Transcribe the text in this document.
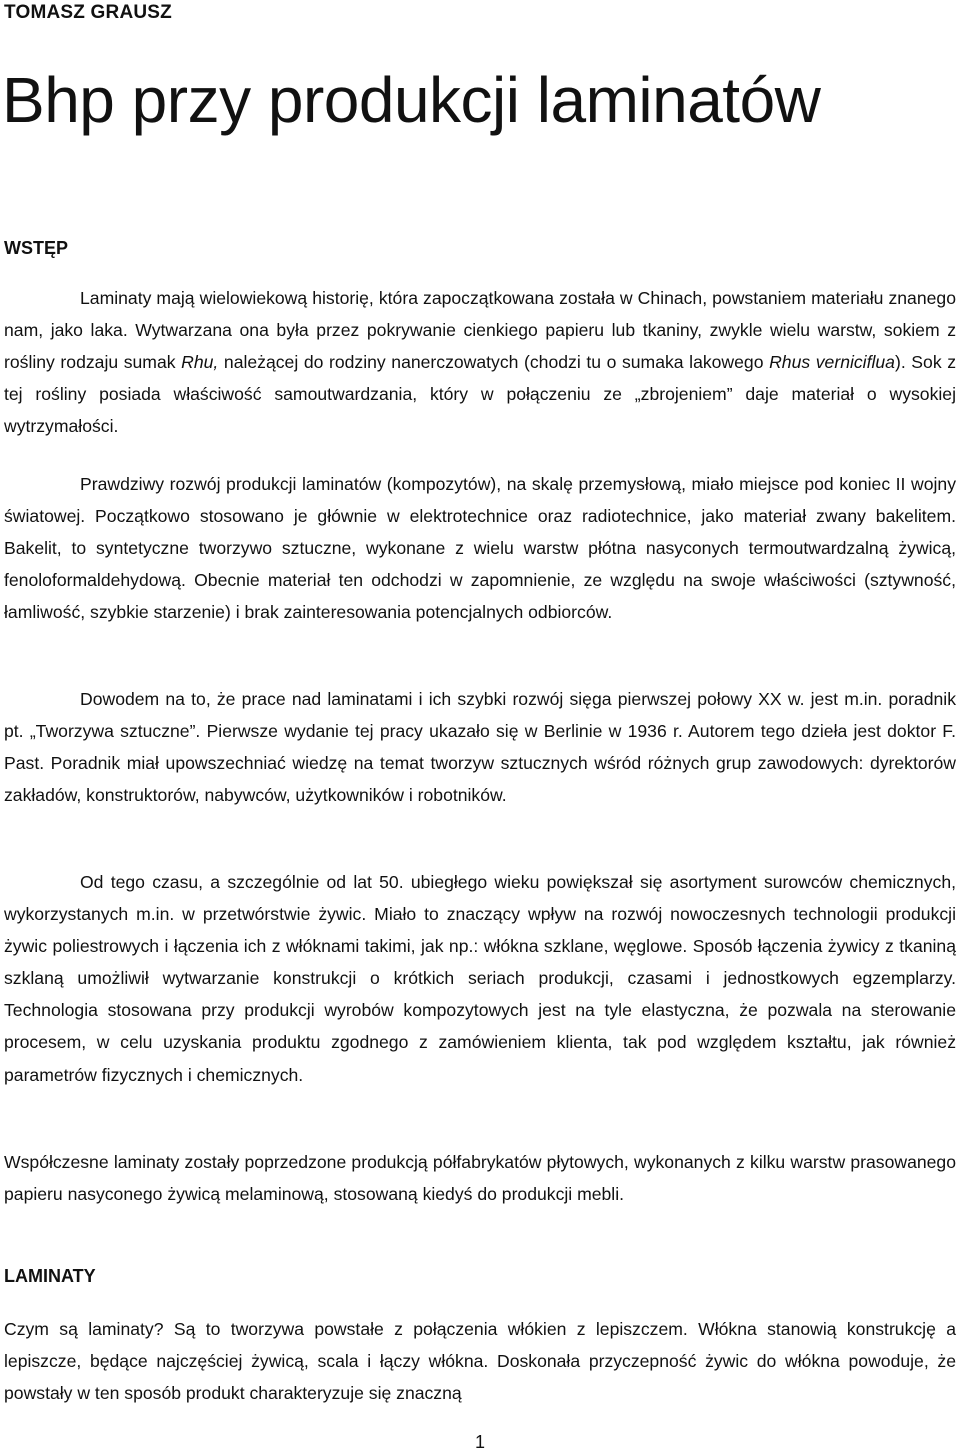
TOMASZ GRAUSZ
Bhp przy produkcji laminatów
WSTĘP

Laminaty mają wielowiekową historię, która zapoczątkowana została w Chinach, powstaniem materiału znanego nam, jako laka. Wytwarzana ona była przez pokrywanie cienkiego papieru lub tkaniny, zwykle wielu warstw, sokiem z rośliny rodzaju sumak Rhu, należącej do rodziny nanerczowatych (chodzi tu o sumaka lakowego Rhus verniciflua). Sok z tej rośliny posiada właściwość samoutwardzania, który w połączeniu ze „zbrojeniem” daje materiał o wysokiej wytrzymałości.

Prawdziwy rozwój produkcji laminatów (kompozytów), na skalę przemysłową, miało miejsce pod koniec II wojny światowej. Początkowo stosowano je głównie w elektrotechnice oraz radiotechnice, jako materiał zwany bakelitem. Bakelit, to syntetyczne tworzywo sztuczne, wykonane z wielu warstw płótna nasyconych termoutwardzalną żywicą, fenoloformaldehydową. Obecnie materiał ten odchodzi w zapomnienie, ze względu na swoje właściwości (sztywność, łamliwość, szybkie starzenie) i brak zainteresowania potencjalnych odbiorców.

Dowodem na to, że prace nad laminatami i ich szybki rozwój sięga pierwszej połowy XX w. jest m.in. poradnik pt. „Tworzywa sztuczne”. Pierwsze wydanie tej pracy ukazało się w Berlinie w 1936 r. Autorem tego dzieła jest doktor F. Past. Poradnik miał upowszechniać wiedzę na temat tworzyw sztucznych wśród różnych grup zawodowych: dyrektorów zakładów, konstruktorów, nabywców, użytkowników i robotników.

Od tego czasu, a szczególnie od lat 50. ubiegłego wieku powiększał się asortyment surowców chemicznych, wykorzystanych m.in. w przetwórstwie żywic. Miało to znaczący wpływ na rozwój nowoczesnych technologii produkcji żywic poliestrowych i łączenia ich z włóknami takimi, jak np.: włókna szklane, węglowe. Sposób łączenia żywicy z tkaniną szklaną umożliwił wytwarzanie konstrukcji o krótkich seriach produkcji, czasami i jednostkowych egzemplarzy. Technologia stosowana przy produkcji wyrobów kompozytowych jest na tyle elastyczna, że pozwala na sterowanie procesem, w celu uzyskania produktu zgodnego z zamówieniem klienta, tak pod względem kształtu, jak również parametrów fizycznych i chemicznych.

Współczesne laminaty zostały poprzedzone produkcją półfabrykatów płytowych, wykonanych z kilku warstw prasowanego papieru nasyconego żywicą melaminową, stosowaną kiedyś do produkcji mebli.

LAMINATY

Czym są laminaty? Są to tworzywa powstałe z połączenia włókien z lepiszczem. Włókna stanowią konstrukcję a lepiszcze, będące najczęściej żywicą, scala i łączy włókna. Doskonała przyczepność żywic do włókna powoduje, że powstały w ten sposób produkt charakteryzuje się znaczną

1
